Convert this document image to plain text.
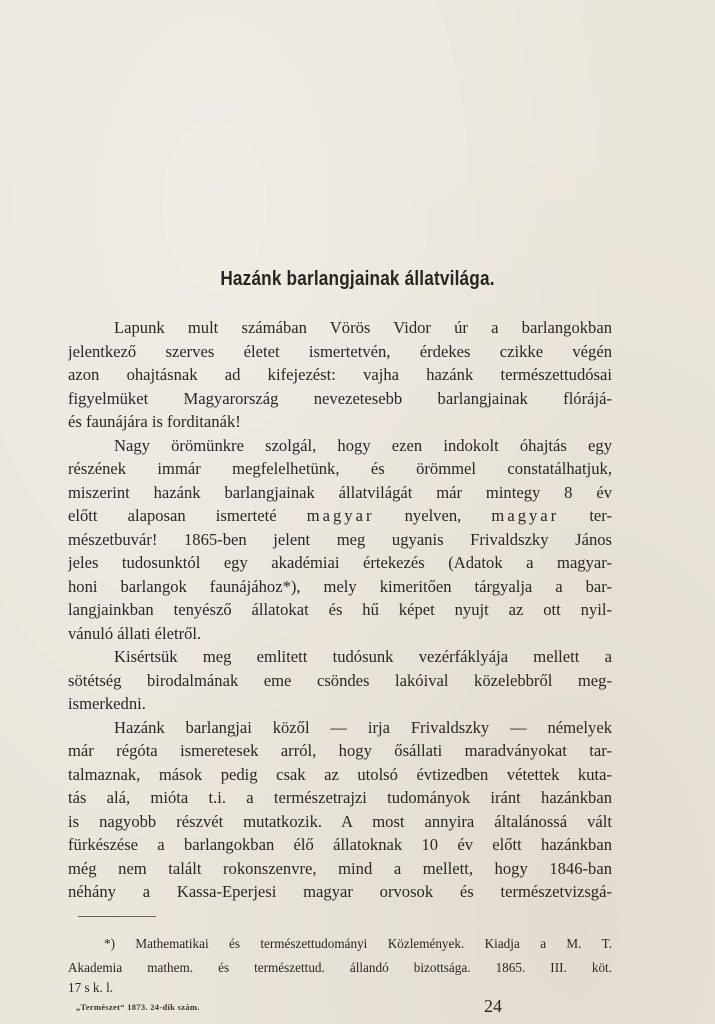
Hazánk barlangjainak állatvilága.
Lapunk mult számában Vörös Vidor úr a barlangokban
jelentkező szerves életet ismertetvén, érdekes czikke végén
azon ohajtásnak ad kifejezést: vajha hazánk természettudósai
figyelmüket Magyarország nevezetesebb barlangjainak flórájá-
és faunájára is forditanák!
Nagy örömünkre szolgál, hogy ezen indokolt óhajtás egy
részének immár megfelelhetünk, és örömmel constatálhatjuk,
miszerint hazánk barlangjainak állatvilágát már mintegy 8 év
előtt alaposan ismerteté magyar nyelven, magyar ter-
mészetbuvár! 1865-ben jelent meg ugyanis Frivaldszky János
jeles tudosunktól egy akadémiai értekezés (Adatok a magyar-
honi barlangok faunájához*), mely kimeritően tárgyalja a bar-
langjainkban tenyésző állatokat és hű képet nyujt az ott nyil-
vánuló állati életről.
Kisértsük meg emlitett tudósunk vezérfáklyája mellett a
sötétség birodalmának eme csöndes lakóival közelebbről meg-
ismerkedni.
Hazánk barlangjai közől — irja Frivaldszky — némelyek
már régóta ismeretesek arról, hogy ősállati maradványokat tar-
talmaznak, mások pedig csak az utolsó évtizedben vétettek kuta-
tás alá, mióta t.i. a természetrajzi tudományok iránt hazánkban
is nagyobb részvét mutatkozik. A most annyira általánossá vált
fürkészése a barlangokban élő állatoknak 10 év előtt hazánkban
még nem talált rokonszenvre, mind a mellett, hogy 1846-ban
néhány a Kassa-Eperjesi magyar orvosok és természetvizsgá-
*) Mathematikai és természettudományi Közlemények. Kiadja a M. T.
Akademia mathem. és természettud. állandó bizottsága. 1865. III. köt.
17 s k. l.
„Természet“ 1873. 24-dik szám.	24
